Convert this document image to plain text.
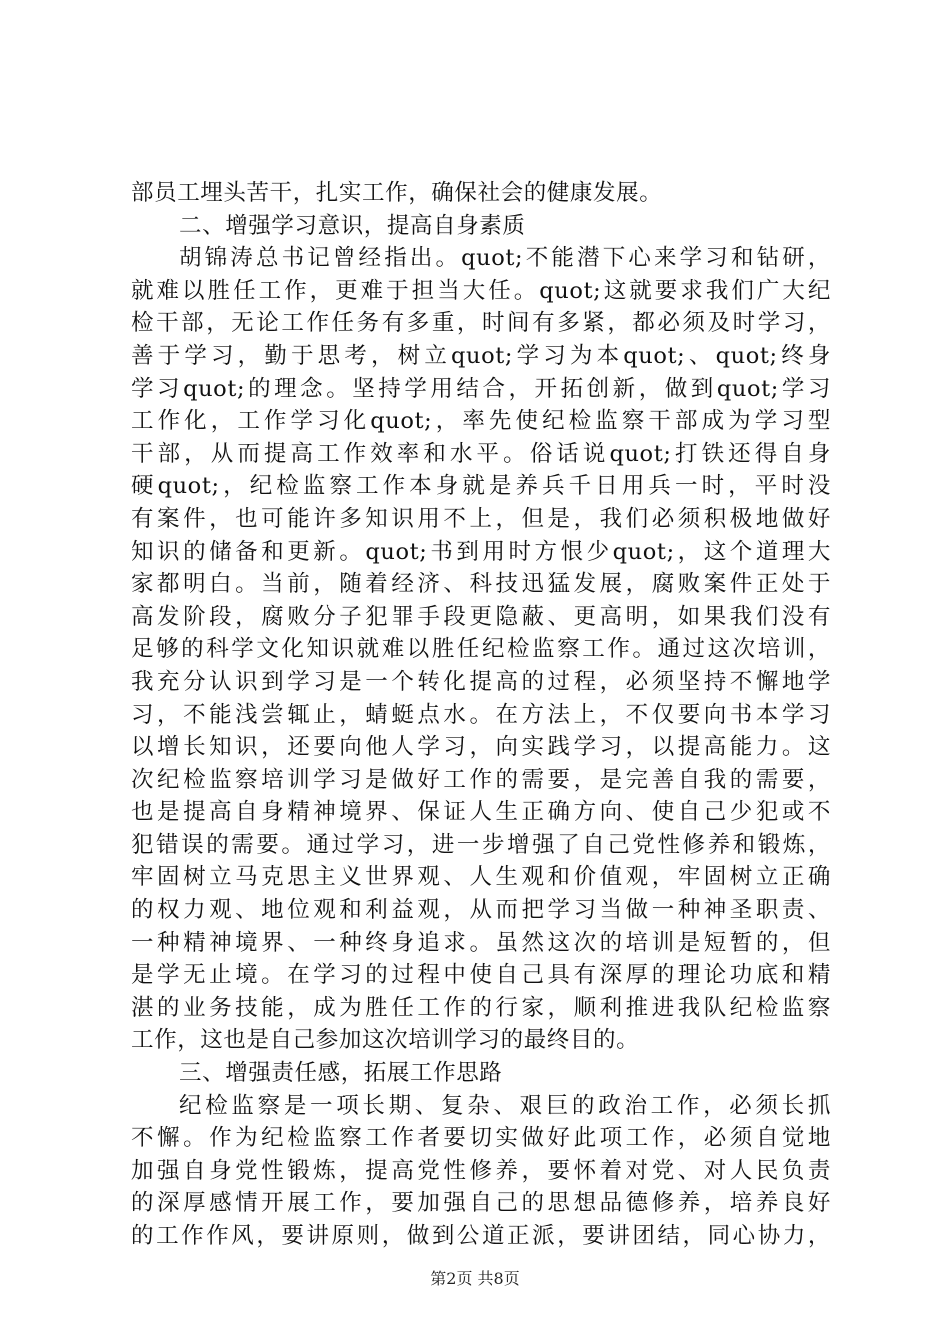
部员工埋头苦干，扎实工作，确保社会的健康发展。
二、增强学习意识，提高自身素质
胡锦涛总书记曾经指出。quot;不能潜下心来学习和钻研，
就难以胜任工作，更难于担当大任。quot;这就要求我们广大纪
检干部，无论工作任务有多重，时间有多紧，都必须及时学习，
善于学习，勤于思考，树立quot;学习为本quot;、quot;终身
学习quot;的理念。坚持学用结合，开拓创新，做到quot;学习
工作化，工作学习化quot;，率先使纪检监察干部成为学习型
干部，从而提高工作效率和水平。俗话说quot;打铁还得自身
硬quot;，纪检监察工作本身就是养兵千日用兵一时，平时没
有案件，也可能许多知识用不上，但是，我们必须积极地做好
知识的储备和更新。quot;书到用时方恨少quot;，这个道理大
家都明白。当前，随着经济、科技迅猛发展，腐败案件正处于
高发阶段，腐败分子犯罪手段更隐蔽、更高明，如果我们没有
足够的科学文化知识就难以胜任纪检监察工作。通过这次培训，
我充分认识到学习是一个转化提高的过程，必须坚持不懈地学
习，不能浅尝辄止，蜻蜓点水。在方法上，不仅要向书本学习
以增长知识，还要向他人学习，向实践学习，以提高能力。这
次纪检监察培训学习是做好工作的需要，是完善自我的需要，
也是提高自身精神境界、保证人生正确方向、使自己少犯或不
犯错误的需要。通过学习，进一步增强了自己党性修养和锻炼，
牢固树立马克思主义世界观、人生观和价值观，牢固树立正确
的权力观、地位观和利益观，从而把学习当做一种神圣职责、
一种精神境界、一种终身追求。虽然这次的培训是短暂的，但
是学无止境。在学习的过程中使自己具有深厚的理论功底和精
湛的业务技能，成为胜任工作的行家，顺利推进我队纪检监察
工作，这也是自己参加这次培训学习的最终目的。
三、增强责任感，拓展工作思路
纪检监察是一项长期、复杂、艰巨的政治工作，必须长抓
不懈。作为纪检监察工作者要切实做好此项工作，必须自觉地
加强自身党性锻炼，提高党性修养，要怀着对党、对人民负责
的深厚感情开展工作，要加强自己的思想品德修养，培养良好
的工作作风，要讲原则，做到公道正派，要讲团结，同心协力，
第2页 共8页
